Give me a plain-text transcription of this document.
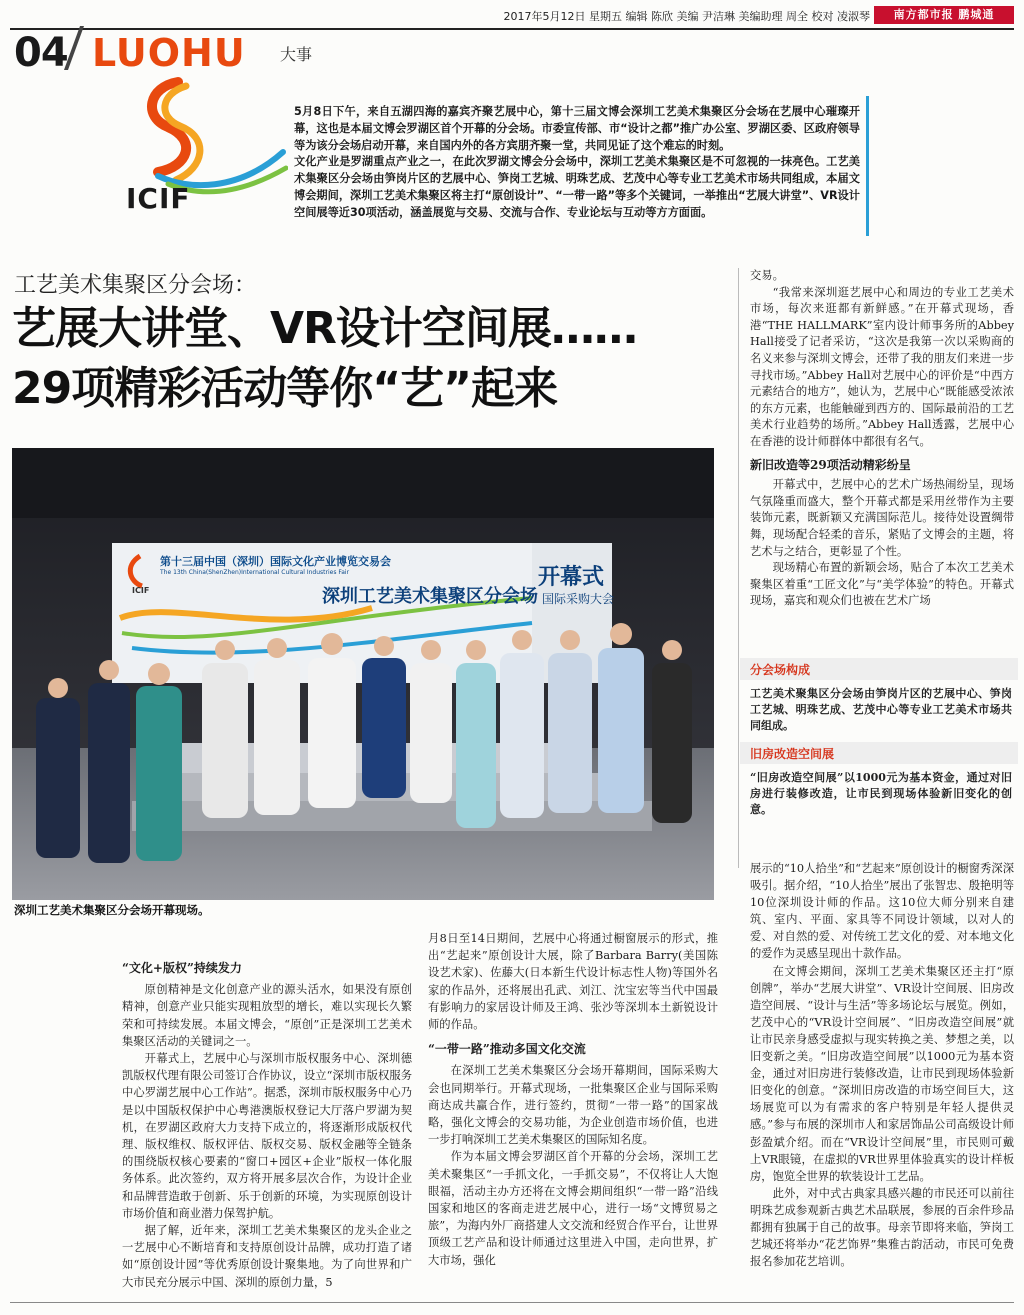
2017年5月12日 星期五 编辑 陈欣 美编 尹洁琳 美编助理 周全 校对 凌淑琴	南方都市报 鹏城通
04 LUOHU 大事
ICIF

5月8日下午，来自五湖四海的嘉宾齐聚艺展中心，第十三届文博会深圳工艺美术集聚区分会场在艺展中心璀璨开幕，这也是本届文博会罗湖区首个开幕的分会场。市委宣传部、市“设计之都”推广办公室、罗湖区委、区政府领导等为该分会场启动开幕，来自国内外的各方宾朋齐聚一堂，共同见证了这个难忘的时刻。

文化产业是罗湖重点产业之一，在此次罗湖文博会分会场中，深圳工艺美术集聚区是不可忽视的一抹亮色。工艺美术集聚区分会场由笋岗片区的艺展中心、笋岗工艺城、明珠艺成、艺茂中心等专业工艺美术市场共同组成，本届文博会期间，深圳工艺美术集聚区将主打“原创设计”、“一带一路”等多个关键词，一举推出“艺展大讲堂”、VR设计空间展等近30项活动，涵盖展览与交易、交流与合作、专业论坛与互动等方方面面。

工艺美术集聚区分会场：
艺展大讲堂、VR设计空间展……
29项精彩活动等你“艺”起来
第十三届中国（深圳）国际文化产业博览交易会
The 13th China(ShenZhen)International Cultural Industries Fair
深圳工艺美术集聚区分会场
开幕式
国际采购大会
ICIF
深圳工艺美术集聚区分会场开幕现场。

“文化+版权”持续发力

原创精神是文化创意产业的源头活水，如果没有原创精神，创意产业只能实现粗放型的增长，难以实现长久繁荣和可持续发展。本届文博会，“原创”正是深圳工艺美术集聚区活动的关键词之一。

开幕式上，艺展中心与深圳市版权服务中心、深圳德凯版权代理有限公司签订合作协议，设立“深圳市版权服务中心罗湖艺展中心工作站”。据悉，深圳市版权服务中心乃是以中国版权保护中心粤港澳版权登记大厅落户罗湖为契机，在罗湖区政府大力支持下成立的，将逐渐形成版权代理、版权维权、版权评估、版权交易、版权金融等全链条的围绕版权核心要素的“窗口+园区+企业”版权一体化服务体系。此次签约，双方将开展多层次合作，为设计企业和品牌营造敢于创新、乐于创新的环境，为实现原创设计市场价值和商业潜力保驾护航。

据了解，近年来，深圳工艺美术集聚区的龙头企业之一艺展中心不断培育和支持原创设计品牌，成功打造了诸如“原创设计园”等优秀原创设计聚集地。为了向世界和广大市民充分展示中国、深圳的原创力量，5

月8日至14日期间，艺展中心将通过橱窗展示的形式，推出“艺起来”原创设计大展，除了Barbara Barry(美国陈设艺术家)、佐藤大(日本新生代设计标志性人物)等国外名家的作品外，还将展出孔武、刘江、沈宝宏等当代中国最有影响力的家居设计师及王鸿、张沙等深圳本土新锐设计师的作品。

“一带一路”推动多国文化交流

在深圳工艺美术集聚区分会场开幕期间，国际采购大会也同期举行。开幕式现场，一批集聚区企业与国际采购商达成共赢合作，进行签约，贯彻“一带一路”的国家战略，强化文博会的交易功能，为企业创造市场价值，也进一步打响深圳工艺美术集聚区的国际知名度。

作为本届文博会罗湖区首个开幕的分会场，深圳工艺美术聚集区“一手抓文化，一手抓交易”，不仅将让人大饱眼福，活动主办方还将在文博会期间组织“一带一路”沿线国家和地区的客商走进艺展中心，进行一场“文博贸易之旅”，为海内外厂商搭建人文交流和经贸合作平台，让世界顶级工艺产品和设计师通过这里进入中国，走向世界，扩大市场，强化

交易。

“我常来深圳逛艺展中心和周边的专业工艺美术市场，每次来逛都有新鲜感。”在开幕式现场，香港“THE HALLMARK”室内设计师事务所的Abbey Hall接受了记者采访，“这次是我第一次以采购商的名义来参与深圳文博会，还带了我的朋友们来进一步寻找市场。”Abbey Hall对艺展中心的评价是“中西方元素结合的地方”，她认为，艺展中心“既能感受浓浓的东方元素，也能触碰到西方的、国际最前沿的工艺美术行业趋势的场所。”Abbey Hall透露，艺展中心在香港的设计师群体中都很有名气。

新旧改造等29项活动精彩纷呈

开幕式中，艺展中心的艺术广场热闹纷呈，现场气氛隆重而盛大，整个开幕式都是采用丝带作为主要装饰元素，既新颖又充满国际范儿。接待处设置绸带舞，现场配合轻柔的音乐，紧贴了文博会的主题，将艺术与之结合，更彰显了个性。

现场精心布置的新颖会场，贴合了本次工艺美术聚集区着重“工匠文化”与“美学体验”的特色。开幕式现场，嘉宾和观众们也被在艺术广场

分会场构成
工艺美术聚集区分会场由笋岗片区的艺展中心、笋岗工艺城、明珠艺成、艺茂中心等专业工艺美术市场共同组成。
旧房改造空间展
“旧房改造空间展”以1000元为基本资金，通过对旧房进行装修改造，让市民到现场体验新旧变化的创意。

展示的“10人拾坐”和“艺起来”原创设计的橱窗秀深深吸引。据介绍，“10人拾坐”展出了张智忠、殷艳明等10位深圳设计师的作品。这10位大师分别来自建筑、室内、平面、家具等不同设计领域，以对人的爱、对自然的爱、对传统工艺文化的爱、对本地文化的爱作为灵感呈现出十款作品。

在文博会期间，深圳工艺美术集聚区还主打“原创牌”，举办“艺展大讲堂”、VR设计空间展、旧房改造空间展、“设计与生活”等多场论坛与展览。例如，艺茂中心的“VR设计空间展”、“旧房改造空间展”就让市民亲身感受虚拟与现实转换之美、梦想之美，以旧变新之美。“旧房改造空间展”以1000元为基本资金，通过对旧房进行装修改造，让市民到现场体验新旧变化的创意。“深圳旧房改造的市场空间巨大，这场展览可以为有需求的客户特别是年轻人提供灵感。”参与布展的深圳市人和家居饰品公司高级设计师彭盈斌介绍。而在“VR设计空间展”里，市民则可戴上VR眼镜，在虚拟的VR世界里体验真实的设计样板房，饱览全世界的软装设计工艺品。

此外，对中式古典家具感兴趣的市民还可以前往明珠艺成参观新古典艺术品联展，参展的百余件珍品都拥有独属于自己的故事。母亲节即将来临，笋岗工艺城还将举办“花艺饰界”集雅古韵活动，市民可免费报名参加花艺培训。
